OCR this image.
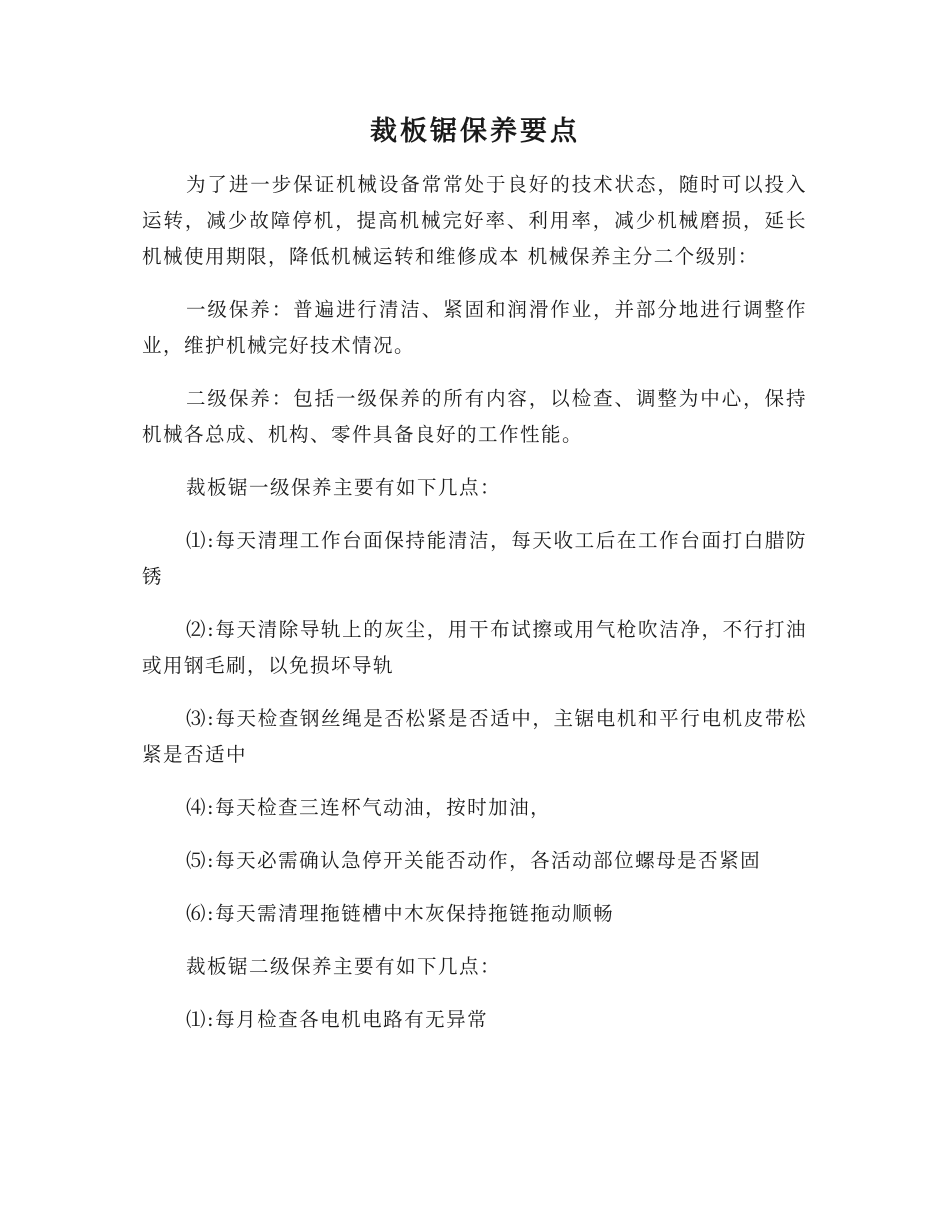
裁板锯保养要点

为了进一步保证机械设备常常处于良好的技术状态，随时可以投入运转，减少故障停机，提高机械完好率、利用率，减少机械磨损，延长机械使用期限，降低机械运转和维修成本 机械保养主分二个级别：

一级保养：普遍进行清洁、紧固和润滑作业，并部分地进行调整作业，维护机械完好技术情况。

二级保养：包括一级保养的所有内容，以检查、调整为中心，保持机械各总成、机构、零件具备良好的工作性能。

裁板锯一级保养主要有如下几点：

⑴:每天清理工作台面保持能清洁，每天收工后在工作台面打白腊防锈

⑵:每天清除导轨上的灰尘，用干布试擦或用气枪吹洁净，不行打油或用钢毛刷，以免损坏导轨

⑶:每天检查钢丝绳是否松紧是否适中，主锯电机和平行电机皮带松紧是否适中

⑷:每天检查三连杯气动油，按时加油，

⑸:每天必需确认急停开关能否动作，各活动部位螺母是否紧固

⑹:每天需清理拖链槽中木灰保持拖链拖动顺畅

裁板锯二级保养主要有如下几点：

⑴:每月检查各电机电路有无异常
